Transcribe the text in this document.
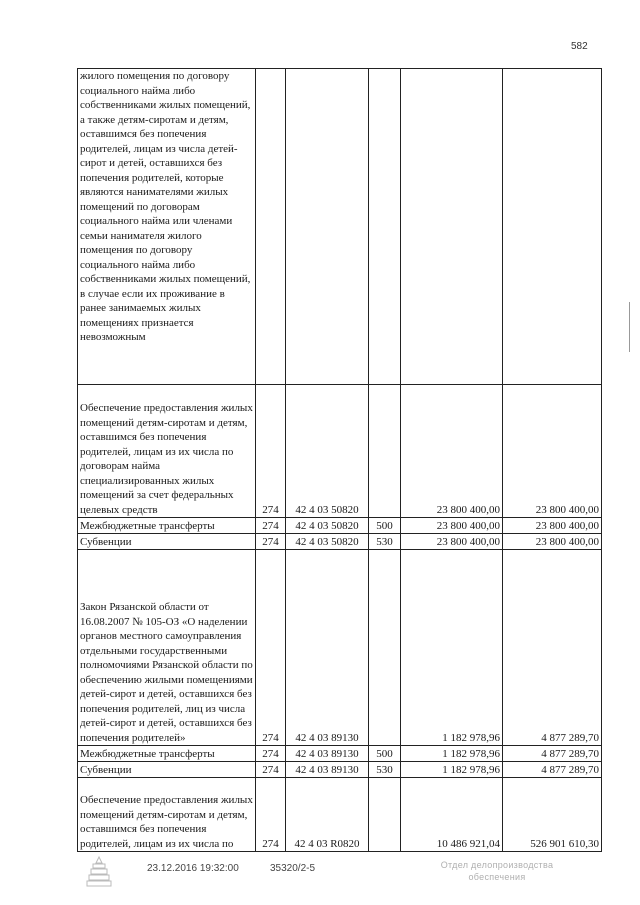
582
жилого помещения по договору социального найма либо собственниками жилых помещений, а также детям-сиротам и детям, оставшимся без попечения родителей, лицам из числа детей-сирот и детей, оставшихся без попечения родителей, которые являются нанимателями жилых помещений по договорам социального найма или членами семьи нанимателя жилого помещения по договору социального найма либо собственниками жилых помещений, в случае если их проживание в ранее занимаемых жилых помещениях признается невозможным					
Обеспечение предоставления жилых помещений детям-сиротам и детям, оставшимся без попечения родителей, лицам из их числа по договорам найма специализированных жилых помещений за счет федеральных целевых средств	274	42 4 03 50820		23 800 400,00	23 800 400,00
Межбюджетные трансферты	274	42 4 03 50820	500	23 800 400,00	23 800 400,00
Субвенции	274	42 4 03 50820	530	23 800 400,00	23 800 400,00
Закон Рязанской области от 16.08.2007 № 105-ОЗ «О наделении органов местного самоуправления отдельными государственными полномочиями Рязанской области по обеспечению жилыми помещениями детей-сирот и детей, оставшихся без попечения родителей, лиц из числа детей-сирот и детей, оставшихся без попечения родителей»	274	42 4 03 89130		1 182 978,96	4 877 289,70
Межбюджетные трансферты	274	42 4 03 89130	500	1 182 978,96	4 877 289,70
Субвенции	274	42 4 03 89130	530	1 182 978,96	4 877 289,70
Обеспечение предоставления жилых помещений детям-сиротам и детям, оставшимся без попечения родителей, лицам из их числа по	274	42 4 03 R0820		10 486 921,04	526 901 610,30
23.12.2016 19:32:00	35320/2-5	Отдел делопроизводства обеспечения
